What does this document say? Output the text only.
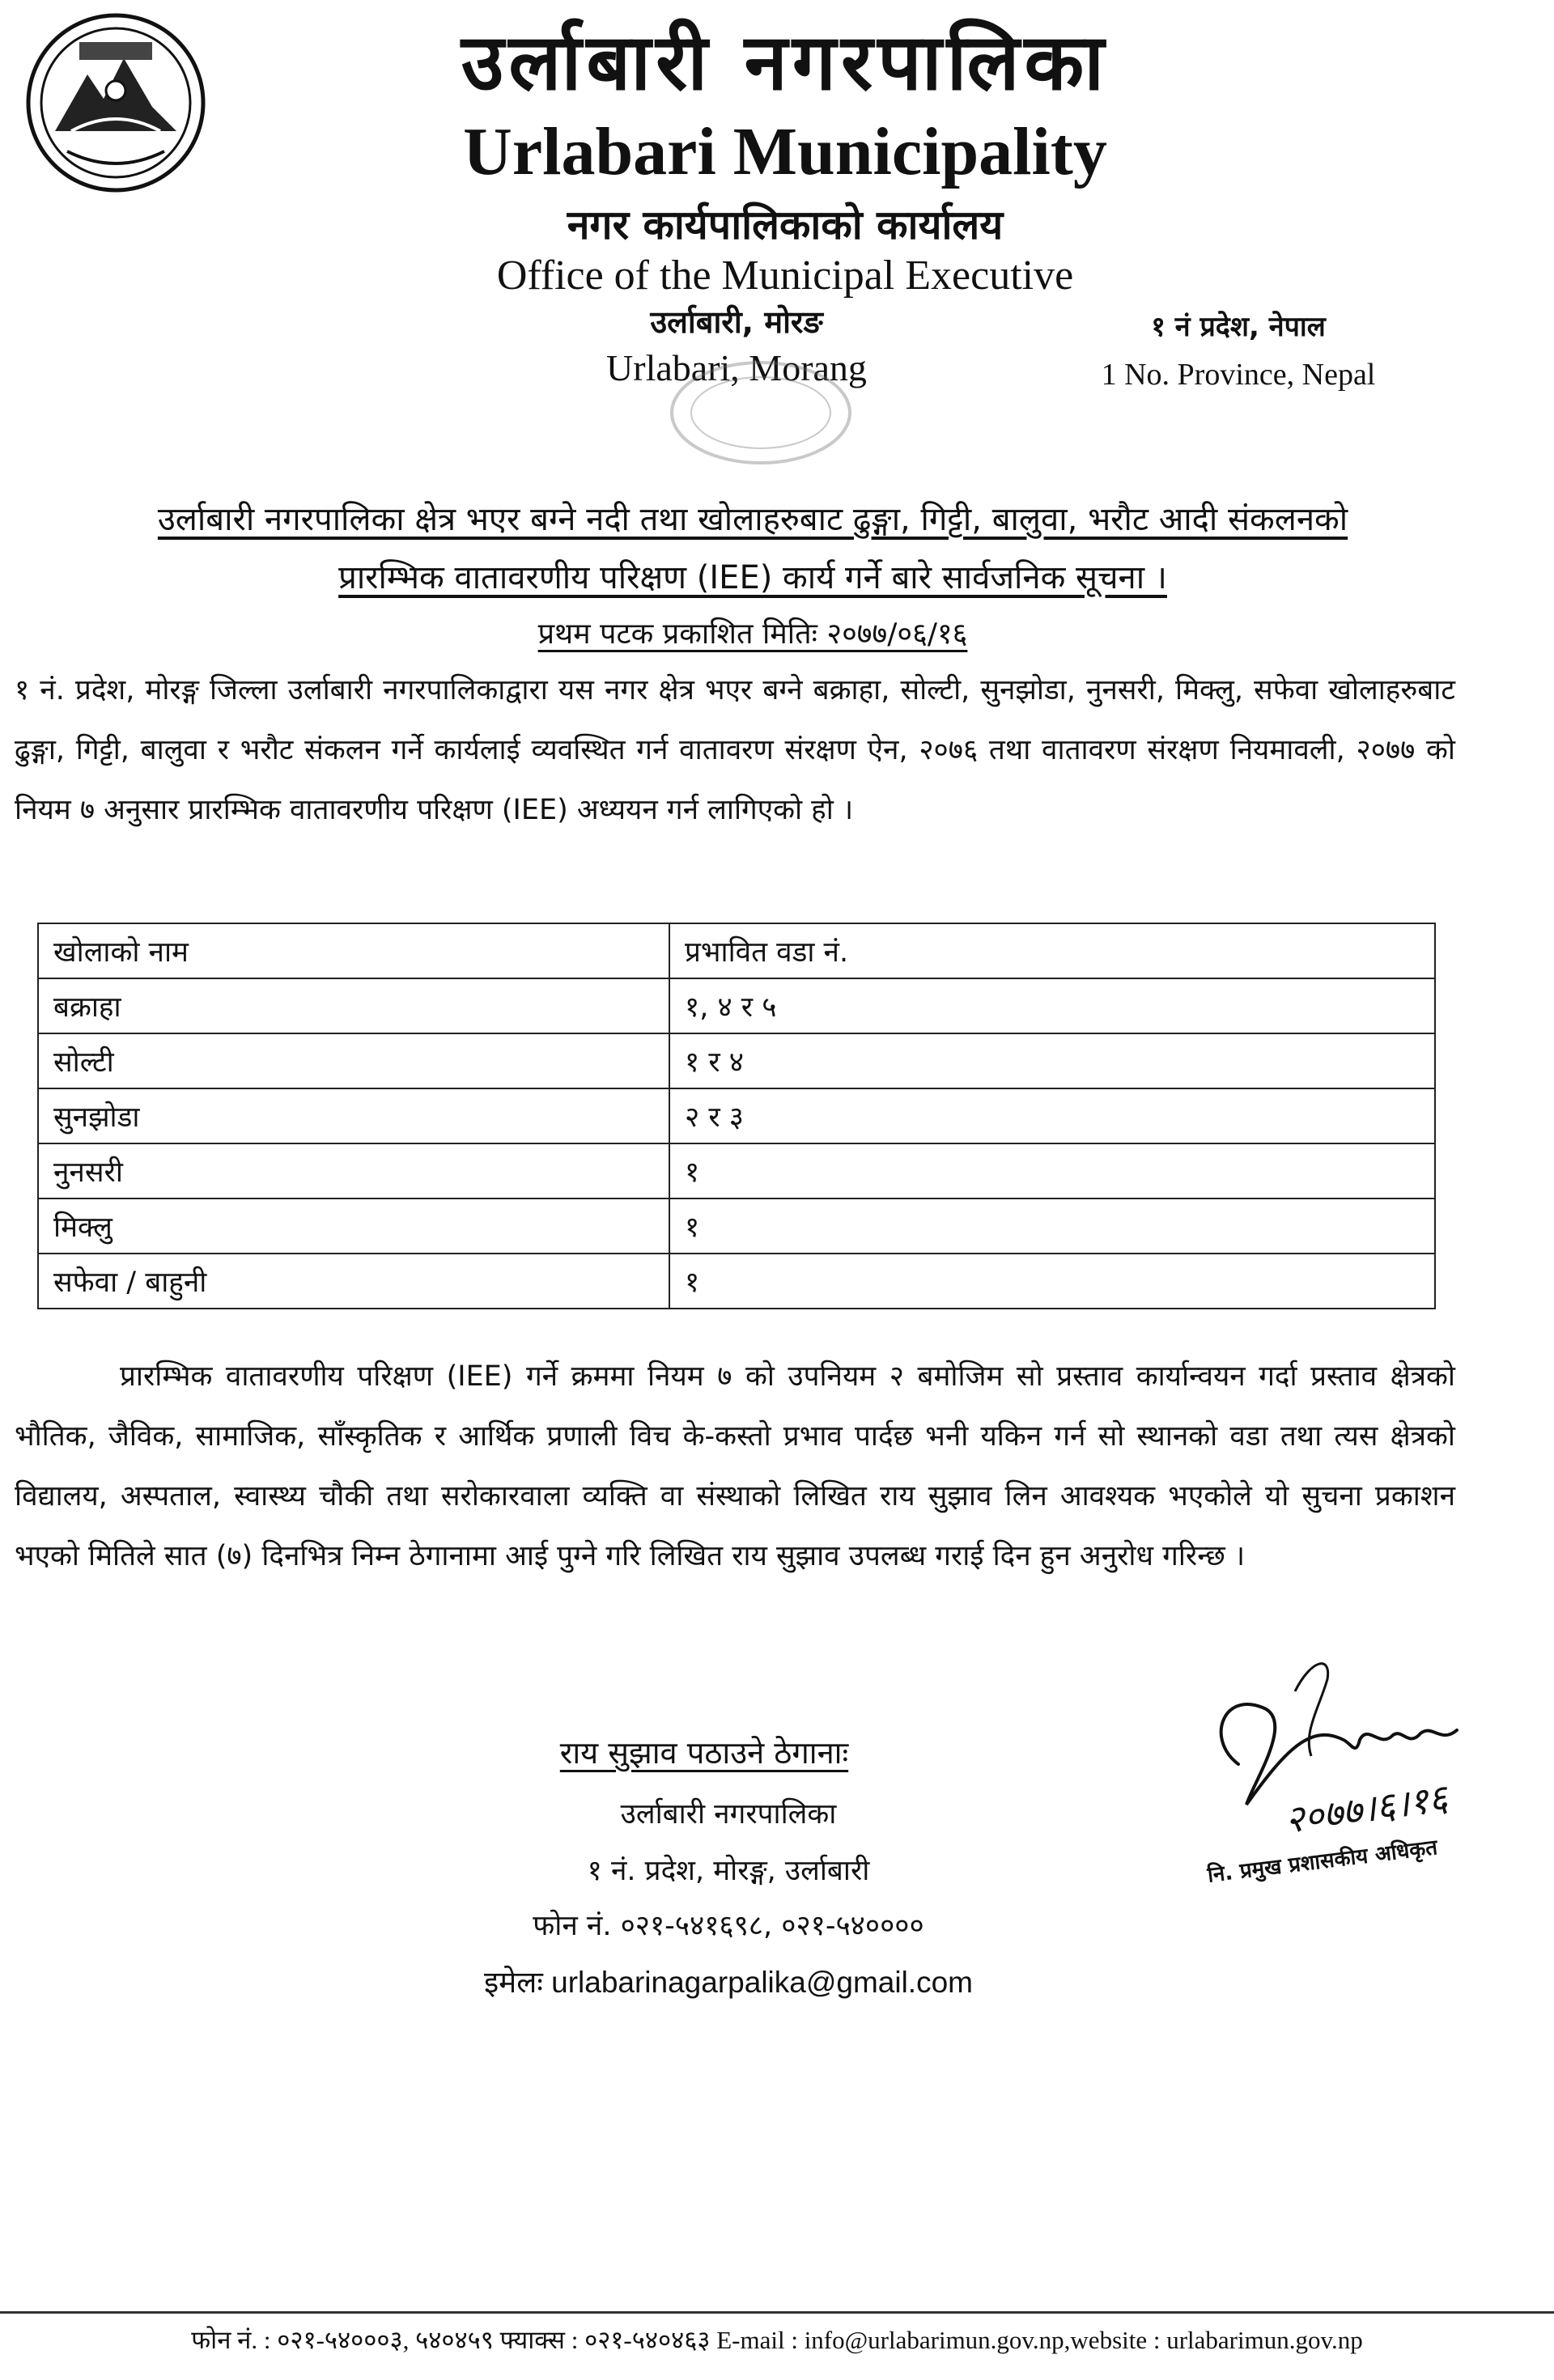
उर्लाबारी नगरपालिका
Urlabari Municipality
नगर कार्यपालिकाको कार्यालय
Office of the Municipal Executive
उर्लाबारी, मोरङ
Urlabari, Morang
१ नं प्रदेश, नेपाल
1 No. Province, Nepal
उर्लाबारी नगरपालिका क्षेत्र भएर बग्ने नदी तथा खोलाहरुबाट ढुङ्गा, गिट्टी, बालुवा, भरौट आदी संकलनको
प्रारम्भिक वातावरणीय परिक्षण (IEE) कार्य गर्ने बारे सार्वजनिक सूचना ।
प्रथम पटक प्रकाशित मितिः २०७७/०६/१६
१ नं. प्रदेश, मोरङ्ग जिल्ला उर्लाबारी नगरपालिकाद्वारा यस नगर क्षेत्र भएर बग्ने बक्राहा, सोल्टी, सुनझोडा, नुनसरी, मिक्लु, सफेवा खोलाहरुबाट ढुङ्गा, गिट्टी, बालुवा र भरौट संकलन गर्ने कार्यलाई व्यवस्थित गर्न वातावरण संरक्षण ऐन, २०७६ तथा वातावरण संरक्षण नियमावली, २०७७ को नियम ७ अनुसार प्रारम्भिक वातावरणीय परिक्षण (IEE) अध्ययन गर्न लागिएको हो ।
खोलाको नाम	प्रभावित वडा नं.
बक्राहा	१, ४ र ५
सोल्टी	१ र ४
सुनझोडा	२ र ३
नुनसरी	१
मिक्लु	१
सफेवा / बाहुनी	१
प्रारम्भिक वातावरणीय परिक्षण (IEE) गर्ने क्रममा नियम ७ को उपनियम २ बमोजिम सो प्रस्ताव कार्यान्वयन गर्दा प्रस्ताव क्षेत्रको भौतिक, जैविक, सामाजिक, साँस्कृतिक र आर्थिक प्रणाली विच के-कस्तो प्रभाव पार्दछ भनी यकिन गर्न सो स्थानको वडा तथा त्यस क्षेत्रको विद्यालय, अस्पताल, स्वास्थ्य चौकी तथा सरोकारवाला व्यक्ति वा संस्थाको लिखित राय सुझाव लिन आवश्यक भएकोले यो सुचना प्रकाशन भएको मितिले सात (७) दिनभित्र निम्न ठेगानामा आई पुग्ने गरि लिखित राय सुझाव उपलब्ध गराई दिन हुन अनुरोध गरिन्छ ।
राय सुझाव पठाउने ठेगानाः
उर्लाबारी नगरपालिका
१ नं. प्रदेश, मोरङ्ग, उर्लाबारी
फोन नं. ०२१-५४१६९८, ०२१-५४००००
इमेलः urlabarinagarpalika@gmail.com
२०७७।६।१६
नि. प्रमुख प्रशासकीय अधिकृत
फोन नं. : ०२१-५४०००३, ५४०४५९ फ्याक्स : ०२१-५४०४६३ E-mail : info@urlabarimun.gov.np,website : urlabarimun.gov.np
